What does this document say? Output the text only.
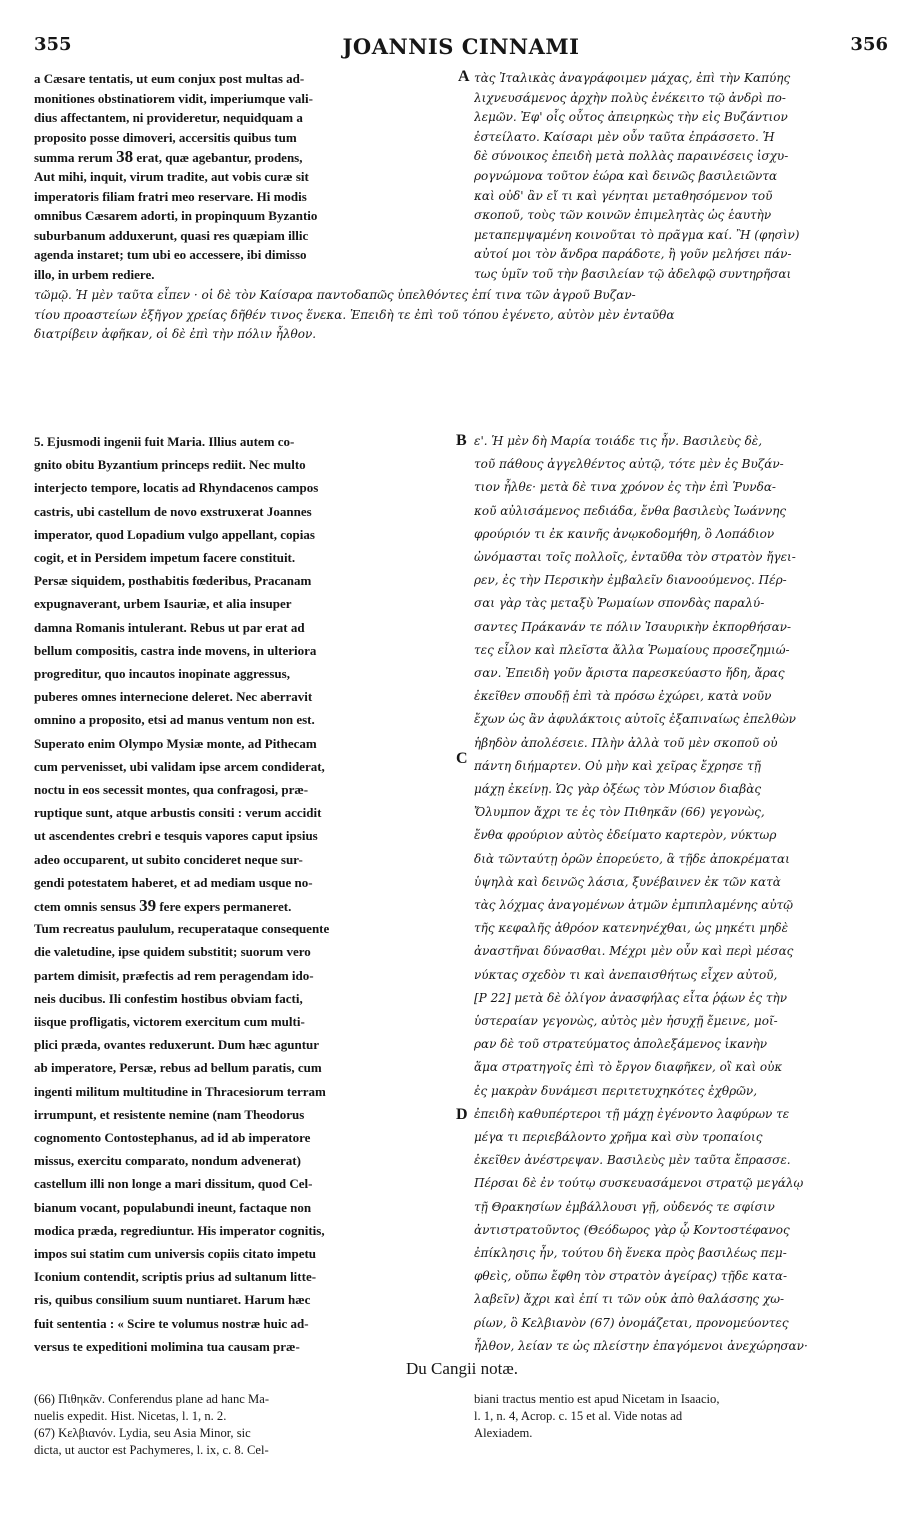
355	JOANNIS CINNAMI	356
a Cæsare tentatis, ut eum conjux post multas ad-
monitiones obstinatiorem vidit, imperiumque vali-
dius affectantem, ni provideretur, nequidquam a
proposito posse dimoveri, accersitis quibus tum
summa rerum 38 erat, quæ agebantur, prodens,
Aut mihi, inquit, virum tradite, aut vobis curæ sit
imperatoris filiam fratri meo reservare. Hi modis
omnibus Cæsarem adorti, in propinquum Byzantio
suburbanum adduxerunt, quasi res quæpiam illic
agenda instaret; tum ubi eo accessere, ibi dimisso
illo, in urbem rediere.
τὰς Ἰταλικὰς ἀναγράφοιμεν μάχας, ἐπὶ τὴν Καπύης
λιχνευσάμενος ἀρχὴν πολὺς ἐνέκειτο τῷ ἀνδρὶ πο-
λεμῶν. Ἐφ' οἷς οὗτος ἀπειρηκὼς τὴν εἰς Βυζάντιον
ἐστείλατο. Καίσαρι μὲν οὖν ταῦτα ἐπράσσετο. Ἡ
δὲ σύνοικος ἐπειδὴ μετὰ πολλὰς παραινέσεις ἰσχυ-
ρογνώμονα τοῦτον ἑώρα καὶ δεινῶς βασιλειῶντα
καὶ οὐδ' ἂν εἴ τι καὶ γένηται μεταθησόμενον τοῦ
σκοποῦ, τοὺς τῶν κοινῶν ἐπιμελητὰς ὡς ἑαυτὴν
μεταπεμψαμένη κοινοῦται τὸ πρᾶγμα καί. Ἢ (φησὶν)
αὐτοί μοι τὸν ἄνδρα παράδοτε, ἢ γοῦν μελήσει πάν-
τως ὑμῖν τοῦ τὴν βασιλείαν τῷ ἀδελφῷ συντηρῆσαι
τῶμῷ. Ἡ μὲν ταῦτα εἶπεν · οἱ δὲ τὸν Καίσαρα παντοδαπῶς ὑπελθόντες ἐπί τινα τῶν ἀγροῦ Βυζαν-
τίου προαστείων ἐξῆγον χρείας δῆθέν τινος ἕνεκα. Ἐπειδὴ τε ἐπὶ τοῦ τόπου ἐγένετο, αὐτὸν μὲν ἐνταῦθα
διατρίβειν ἀφῆκαν, οἱ δὲ ἐπὶ τὴν πόλιν ἦλθον.
5. Ejusmodi ingenii fuit Maria. Illius autem co-
gnito obitu Byzantium princeps rediit. Nec multo
interjecto tempore, locatis ad Rhyndacenos campos
castris, ubi castellum de novo exstruxerat Joannes
imperator, quod Lopadium vulgo appellant, copias
cogit, et in Persidem impetum facere constituit.
Persæ siquidem, posthabitis fœderibus, Pracanam
expugnaverant, urbem Isauriæ, et alia insuper
damna Romanis intulerant. Rebus ut par erat ad
bellum compositis, castra inde movens, in ulteriora
progreditur, quo incautos inopinate aggressus,
puberes omnes internecione deleret. Nec aberravit
omnino a proposito, etsi ad manus ventum non est.
Superato enim Olympo Mysiæ monte, ad Pithecam
cum pervenisset, ubi validam ipse arcem condiderat,
noctu in eos secessit montes, qua confragosi, præ-
ruptique sunt, atque arbustis consiti : verum accidit
ut ascendentes crebri e tesquis vapores caput ipsius
adeo occuparent, ut subito concideret neque sur-
gendi potestatem haberet, et ad mediam usque no-
ctem omnis sensus 39 fere expers permaneret.
Tum recreatus paululum, recuperataque consequente
die valetudine, ipse quidem substitit; suorum vero
partem dimisit, præfectis ad rem peragendam ido-
neis ducibus. Ili confestim hostibus obviam facti,
iisque profligatis, victorem exercitum cum multi-
plici præda, ovantes reduxerunt. Dum hæc aguntur
ab imperatore, Persæ, rebus ad bellum paratis, cum
ingenti militum multitudine in Thracesiorum terram
irrumpunt, et resistente nemine (nam Theodorus
cognomento Contostephanus, ad id ab imperatore
missus, exercitu comparato, nondum advenerat)
castellum illi non longe a mari dissitum, quod Cel-
bianum vocant, populabundi ineunt, factaque non
modica præda, regrediuntur. His imperator cognitis,
impos sui statim cum universis copiis citato impetu
Iconium contendit, scriptis prius ad sultanum litte-
ris, quibus consilium suum nuntiaret. Harum hæc
fuit sententia : « Scire te volumus nostræ huic ad-
versus te expeditioni molimina tua causam præ-
ε'. Ἡ μὲν δὴ Μαρία τοιάδε τις ἦν. Βασιλεὺς δὲ,
τοῦ πάθους ἀγγελθέντος αὐτῷ, τότε μὲν ἐς Βυζάν-
τιον ἦλθε· μετὰ δὲ τινα χρόνον ἐς τὴν ἐπὶ Ῥυνδα-
κοῦ αὐλισάμενος πεδιάδα, ἔνθα βασιλεὺς Ἰωάννης
φρούριόν τι ἐκ καινῆς ἀνῳκοδομήθη, ὃ Λοπάδιον
ὠνόμασται τοῖς πολλοῖς, ἐνταῦθα τὸν στρατὸν ἤγει-
ρεν, ἐς τὴν Περσικὴν ἐμβαλεῖν διανοούμενος. Πέρ-
σαι γὰρ τὰς μεταξὺ Ῥωμαίων σπονδὰς παραλύ-
σαντες Πράκανάν τε πόλιν Ἰσαυρικὴν ἐκπορθήσαν-
τες εἶλον καὶ πλεῖστα ἄλλα Ῥωμαίους προσεζημιώ-
σαν. Ἐπειδὴ γοῦν ἄριστα παρεσκεύαστο ἤδη, ἄρας
ἐκεῖθεν σπουδῇ ἐπὶ τὰ πρόσω ἐχώρει, κατὰ νοῦν
ἔχων ὡς ἂν ἀφυλάκτοις αὐτοῖς ἐξαπιναίως ἐπελθὼν
ἡβηδὸν ἀπολέσειε. Πλὴν ἀλλὰ τοῦ μὲν σκοποῦ οὐ
πάντη διήμαρτεν. Οὐ μὴν καὶ χεῖρας ἔχρησε τῇ
μάχῃ ἐκείνῃ. Ὡς γὰρ ὀξέως τὸν Μύσιον διαβὰς
Ὄλυμπον ἄχρι τε ἐς τὸν Πιθηκᾶν (66) γεγονὼς,
ἔνθα φρούριον αὐτὸς ἐδείματο καρτερὸν, νύκτωρ
διὰ τῶνταύτῃ ὀρῶν ἐπορεύετο, ἃ τῇδε ἀποκρέμαται
ὑψηλὰ καὶ δεινῶς λάσια, ξυνέβαινεν ἐκ τῶν κατὰ
τὰς λόχμας ἀναγομένων ἀτμῶν ἐμπιπλαμένης αὐτῷ
τῆς κεφαλῆς ἀθρόον κατενηνέχθαι, ὡς μηκέτι μηδὲ
ἀναστῆναι δύνασθαι. Μέχρι μὲν οὖν καὶ περὶ μέσας
νύκτας σχεδὸν τι καὶ ἀνεπαισθήτως εἶχεν αὐτοῦ,
[P 22] μετὰ δὲ ὀλίγον ἀνασφήλας εἶτα ῥᾴων ἐς τὴν
ὑστεραίαν γεγονὼς, αὐτὸς μὲν ἡσυχῇ ἔμεινε, μοῖ-
ραν δὲ τοῦ στρατεύματος ἀπολεξάμενος ἱκανὴν
ἅμα στρατηγοῖς ἐπὶ τὸ ἔργον διαφῆκεν, οἳ καὶ οὐκ
ἐς μακρὰν δυνάμεσι περιτετυχηκότες ἐχθρῶν,
ἐπειδὴ καθυπέρτεροι τῇ μάχῃ ἐγένοντο λαφύρων τε
μέγα τι περιεβάλοντο χρῆμα καὶ σὺν τροπαίοις
ἐκεῖθεν ἀνέστρεψαν. Βασιλεὺς μὲν ταῦτα ἔπρασσε.
Πέρσαι δὲ ἐν τούτῳ συσκευασάμενοι στρατῷ μεγάλῳ
τῇ Θρακησίων ἐμβάλλουσι γῇ, οὐδενός τε σφίσιν
ἀντιστρατοῦντος (Θεόδωρος γὰρ ᾧ Κοντοστέφανος
ἐπίκλησις ἦν, τούτου δὴ ἕνεκα πρὸς βασιλέως πεμ-
φθεὶς, οὔπω ἔφθη τὸν στρατὸν ἀγείρας) τῇδε κατα-
λαβεῖν) ἄχρι καὶ ἐπί τι τῶν οὐκ ἀπὸ θαλάσσης χω-
ρίων, ὃ Κελβιανὸν (67) ὀνομάζεται, προνομεύοντες
ἦλθον, λείαν τε ὡς πλείστην ἐπαγόμενοι ἀνεχώρησαν·
A
B
C
D
Du Cangii notæ.
(66) Πιθηκᾶν. Conferendus plane ad hanc Ma-
nuelis expedit. Hist. Nicetas, l. 1, n. 2.
(67) Κελβιανόν. Lydia, seu Asia Minor, sic
dicta, ut auctor est Pachymeres, l. ix, c. 8. Cel-
biani tractus mentio est apud Nicetam in Isaacio,
l. 1, n. 4, Acrop. c. 15 et al. Vide notas ad
Alexiadem.
